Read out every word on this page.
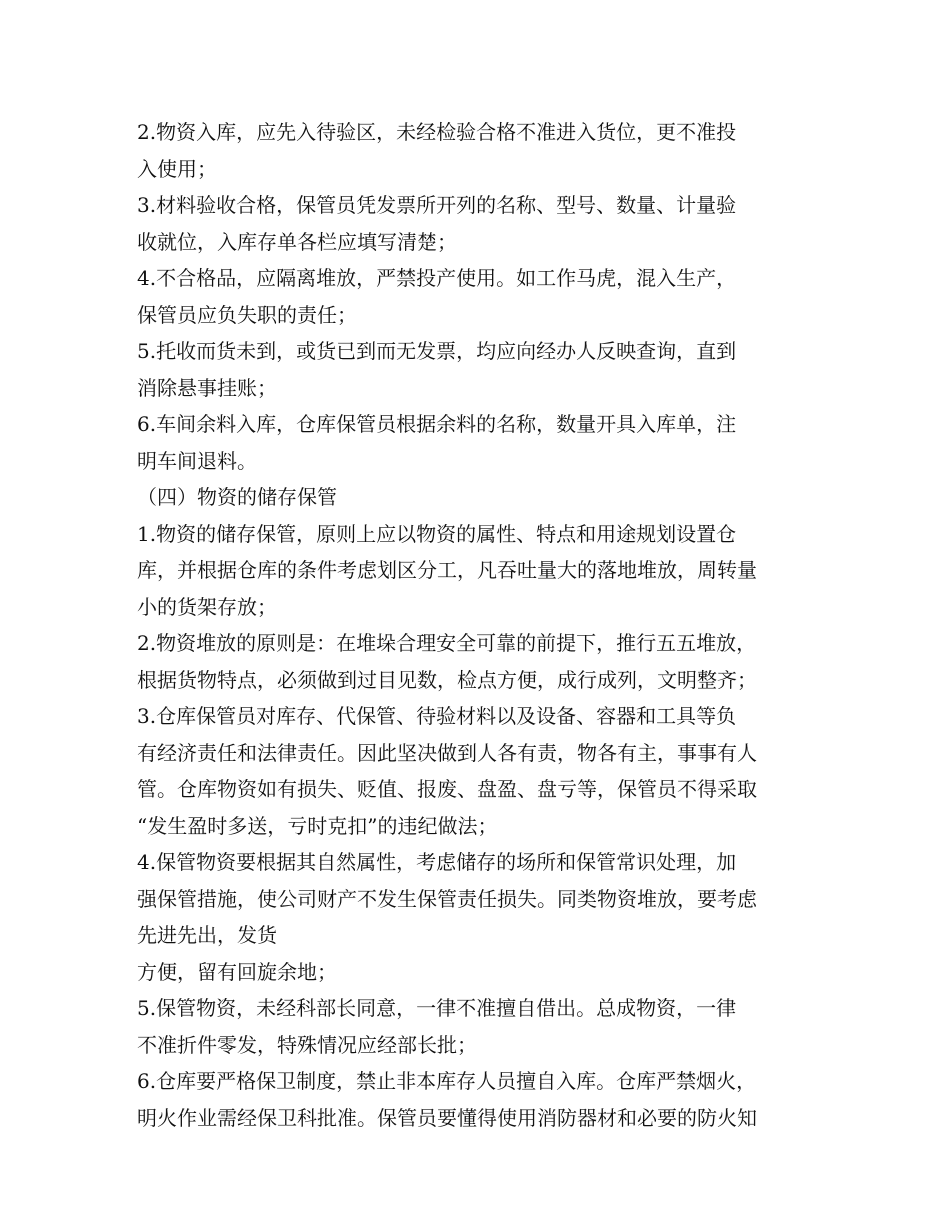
2.物资入库，应先入待验区，未经检验合格不准进入货位，更不准投
入使用；
3.材料验收合格，保管员凭发票所开列的名称、型号、数量、计量验
收就位，入库存单各栏应填写清楚；
4.不合格品，应隔离堆放，严禁投产使用。如工作马虎，混入生产，
保管员应负失职的责任；
5.托收而货未到，或货已到而无发票，均应向经办人反映查询，直到
消除悬事挂账；
6.车间余料入库，仓库保管员根据余料的名称，数量开具入库单，注
明车间退料。
（四）物资的储存保管
1.物资的储存保管，原则上应以物资的属性、特点和用途规划设置仓
库，并根据仓库的条件考虑划区分工，凡吞吐量大的落地堆放，周转量
小的货架存放；
2.物资堆放的原则是：在堆垛合理安全可靠的前提下，推行五五堆放，
根据货物特点，必须做到过目见数，检点方便，成行成列，文明整齐；
3.仓库保管员对库存、代保管、待验材料以及设备、容器和工具等负
有经济责任和法律责任。因此坚决做到人各有责，物各有主，事事有人
管。仓库物资如有损失、贬值、报废、盘盈、盘亏等，保管员不得采取
“发生盈时多送，亏时克扣”的违纪做法；
4.保管物资要根据其自然属性，考虑储存的场所和保管常识处理，加
强保管措施，使公司财产不发生保管责任损失。同类物资堆放，要考虑
先进先出，发货
方便，留有回旋余地；
5.保管物资，未经科部长同意，一律不准擅自借出。总成物资，一律
不准折件零发，特殊情况应经部长批；
6.仓库要严格保卫制度，禁止非本库存人员擅自入库。仓库严禁烟火，
明火作业需经保卫科批准。保管员要懂得使用消防器材和必要的防火知
